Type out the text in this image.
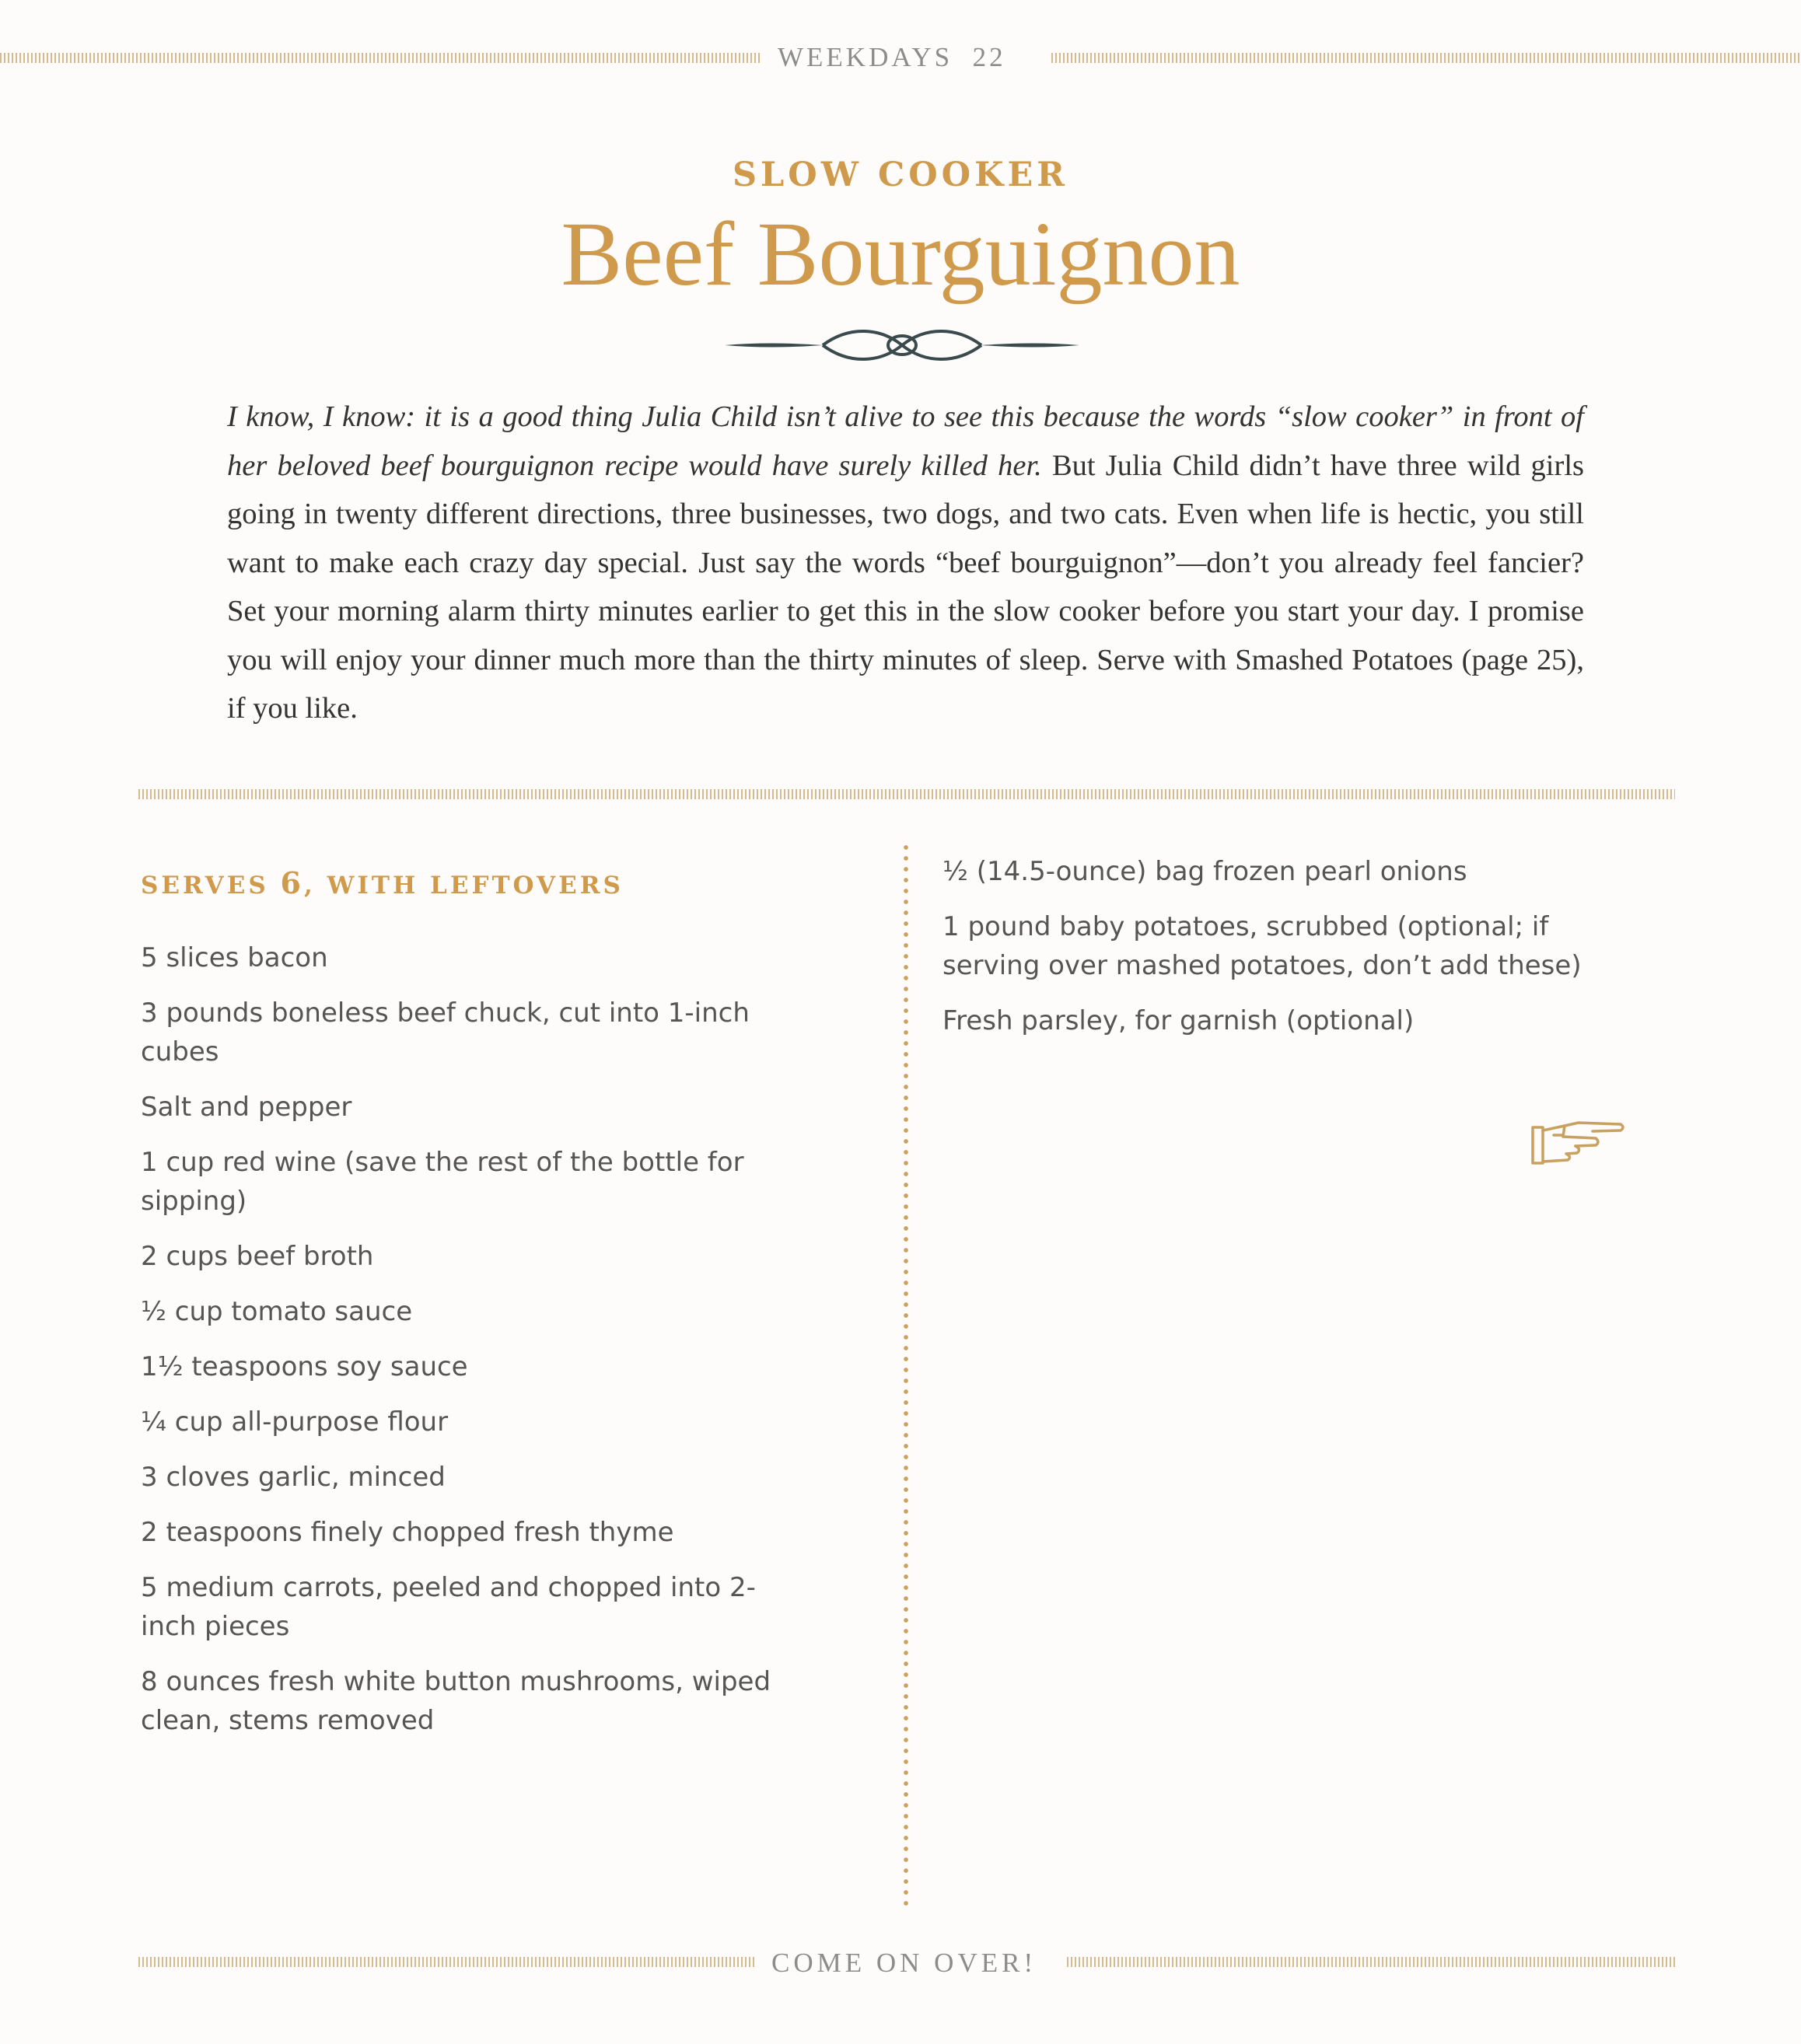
WEEKDAYS 22
SLOW COOKER
Beef Bourguignon

I know, I know: it is a good thing Julia Child isn’t alive to see this because the words “slow cooker” in front of her beloved beef bourguignon recipe would have surely killed her. But Julia Child didn’t have three wild girls going in twenty different directions, three businesses, two dogs, and two cats. Even when life is hectic, you still want to make each crazy day special. Just say the words “beef bourguignon”—don’t you already feel fancier? Set your morning alarm thirty minutes earlier to get this in the slow cooker before you start your day. I promise you will enjoy your dinner much more than the thirty minutes of sleep. Serve with Smashed Potatoes (page 25), if you like.

SERVES 6, WITH LEFTOVERS
5 slices bacon
3 pounds boneless beef chuck, cut into 1-inch cubes
Salt and pepper
1 cup red wine (save the rest of the bottle for sipping)
2 cups beef broth
½ cup tomato sauce
1½ teaspoons soy sauce
¼ cup all-purpose flour
3 cloves garlic, minced
2 teaspoons finely chopped fresh thyme
5 medium carrots, peeled and chopped into 2-inch pieces
8 ounces fresh white button mushrooms, wiped clean, stems removed
½ (14.5-ounce) bag frozen pearl onions
1 pound baby potatoes, scrubbed (optional; if serving over mashed potatoes, don’t add these)
Fresh parsley, for garnish (optional)
COME ON OVER!
